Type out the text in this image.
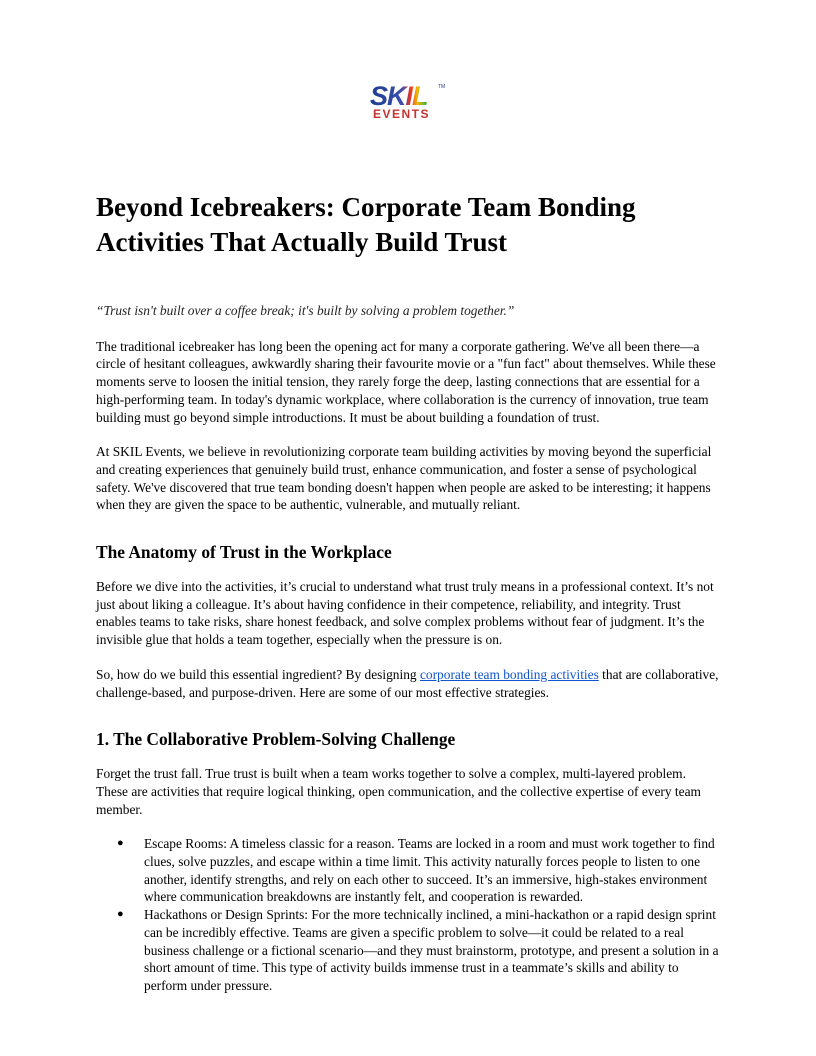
SKIL TM
EVENTS
Beyond Icebreakers: Corporate Team Bonding Activities That Actually Build Trust

“Trust isn't built over a coffee break; it's built by solving a problem together.”

The traditional icebreaker has long been the opening act for many a corporate gathering. We've all been there—a circle of hesitant colleagues, awkwardly sharing their favourite movie or a "fun fact" about themselves. While these moments serve to loosen the initial tension, they rarely forge the deep, lasting connections that are essential for a high-performing team. In today's dynamic workplace, where collaboration is the currency of innovation, true team building must go beyond simple introductions. It must be about building a foundation of trust.

At SKIL Events, we believe in revolutionizing corporate team building activities by moving beyond the superficial and creating experiences that genuinely build trust, enhance communication, and foster a sense of psychological safety. We've discovered that true team bonding doesn't happen when people are asked to be interesting; it happens when they are given the space to be authentic, vulnerable, and mutually reliant.

The Anatomy of Trust in the Workplace

Before we dive into the activities, it’s crucial to understand what trust truly means in a professional context. It’s not just about liking a colleague. It’s about having confidence in their competence, reliability, and integrity. Trust enables teams to take risks, share honest feedback, and solve complex problems without fear of judgment. It’s the invisible glue that holds a team together, especially when the pressure is on.

So, how do we build this essential ingredient? By designing corporate team bonding activities that are collaborative, challenge-based, and purpose-driven. Here are some of our most effective strategies.

1. The Collaborative Problem-Solving Challenge

Forget the trust fall. True trust is built when a team works together to solve a complex, multi-layered problem. These are activities that require logical thinking, open communication, and the collective expertise of every team member.

● Escape Rooms: A timeless classic for a reason. Teams are locked in a room and must work together to find clues, solve puzzles, and escape within a time limit. This activity naturally forces people to listen to one another, identify strengths, and rely on each other to succeed. It’s an immersive, high-stakes environment where communication breakdowns are instantly felt, and cooperation is rewarded.
● Hackathons or Design Sprints: For the more technically inclined, a mini-hackathon or a rapid design sprint can be incredibly effective. Teams are given a specific problem to solve—it could be related to a real business challenge or a fictional scenario—and they must brainstorm, prototype, and present a solution in a short amount of time. This type of activity builds immense trust in a teammate’s skills and ability to perform under pressure.
